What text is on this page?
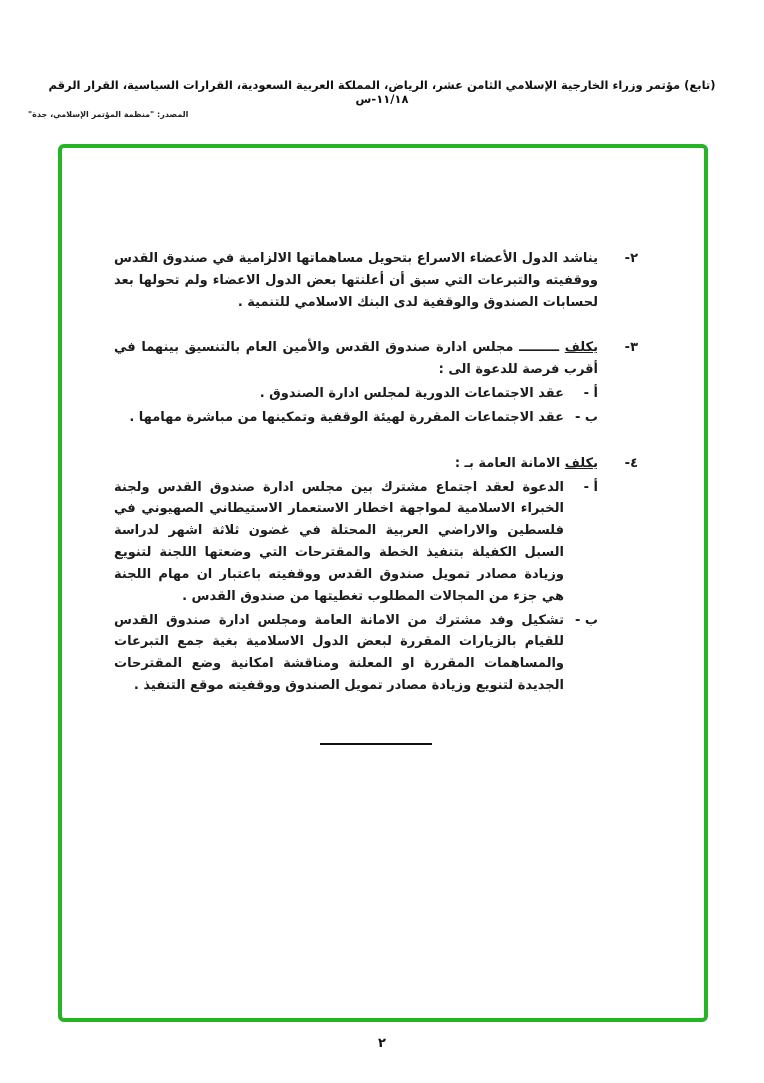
(تابع) مؤتمر وزراء الخارجية الإسلامي الثامن عشر، الرياض، المملكة العربية السعودية، القرارات السياسية، القرار الرقم ١١/١٨-س
المصدر: "منظمة المؤتمر الإسلامي، جدة"
٢-
يناشد الدول الأعضاء الاسراع بتحويل مساهماتها الالزامية في صندوق القدس ووقفيته والتبرعات التي سبق أن أعلنتها بعض الدول الاعضاء ولم تحولها بعد لحسابات الصندوق والوقفية لدى البنك الاسلامي للتنمية .
٣-
يكلف ـــــــــ مجلس ادارة صندوق القدس والأمين العام بالتنسيق بينهما في أقرب فرصة للدعوة الى :
أ -
عقد الاجتماعات الدورية لمجلس ادارة الصندوق .
ب -
عقد الاجتماعات المقررة لهيئة الوقفية وتمكينها من مباشرة مهامها .
٤-
يكلف الامانة العامة بـ :
أ -
الدعوة لعقد اجتماع مشترك بين مجلس ادارة صندوق القدس ولجنة الخبراء الاسلامية لمواجهة اخطار الاستعمار الاستيطاني الصهيوني في فلسطين والاراضي العربية المحتلة في غضون ثلاثة اشهر لدراسة السبل الكفيلة بتنفيذ الخطة والمقترحات التي وضعتها اللجنة لتنويع وزيادة مصادر تمويل صندوق القدس ووقفيته باعتبار ان مهام اللجنة هي جزء من المجالات المطلوب تغطيتها من صندوق القدس .
ب -
تشكيل وفد مشترك من الامانة العامة ومجلس ادارة صندوق القدس للقيام بالزيارات المقررة لبعض الدول الاسلامية بغية جمع التبرعات والمساهمات المقررة او المعلنة ومناقشة امكانية وضع المقترحات الجديدة لتنويع وزيادة مصادر تمويل الصندوق ووقفيته موقع التنفيذ .
٢
